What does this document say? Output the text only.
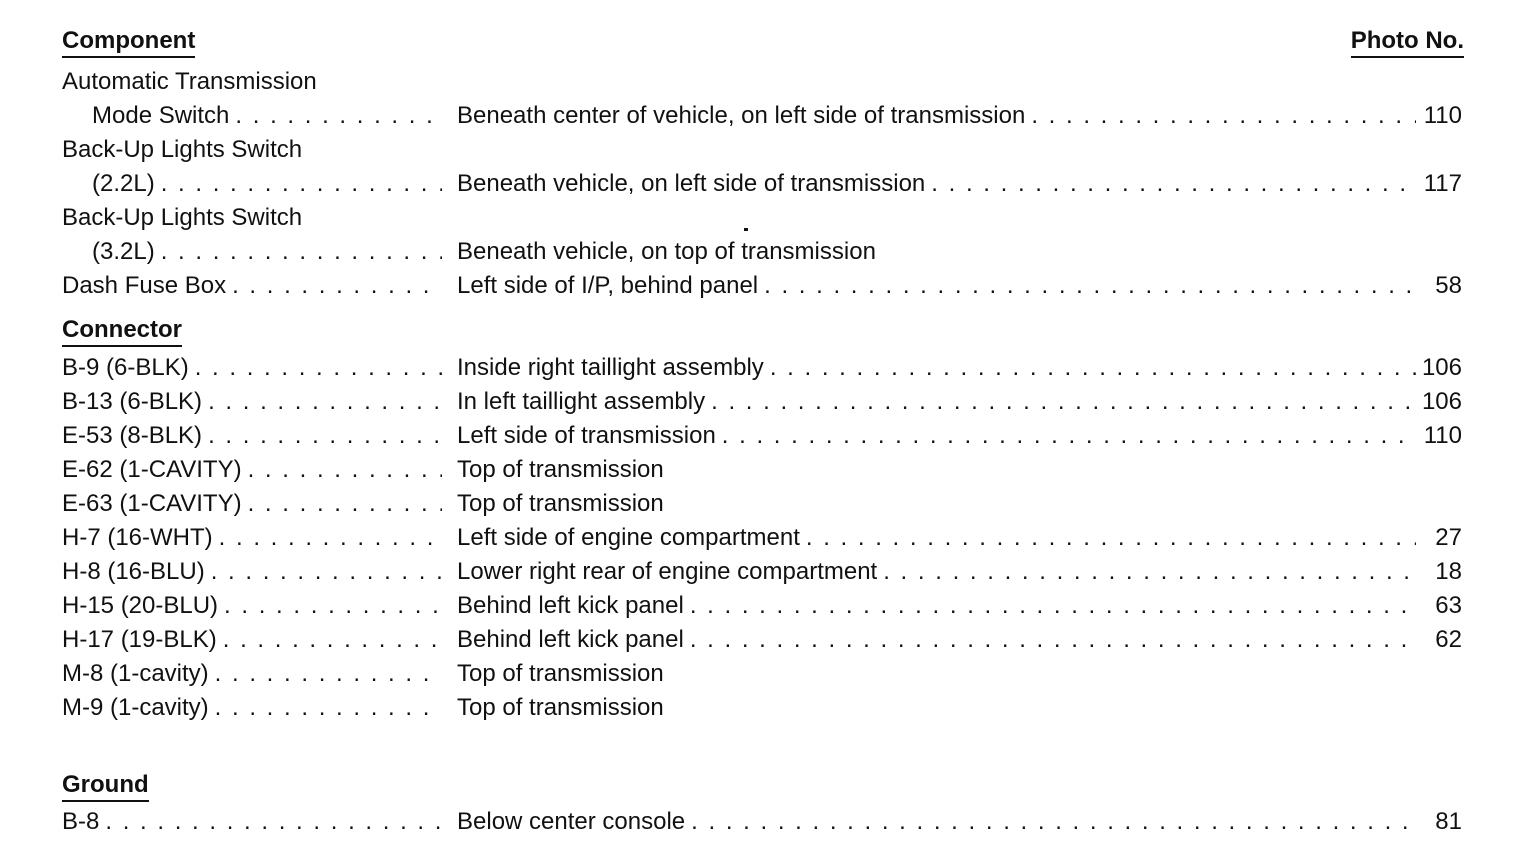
Component	Photo No.
Automatic Transmission
Mode Switch . . .	Beneath center of vehicle, on left side of transmission . . .	110
Back-Up Lights Switch
(2.2L) . . .	Beneath vehicle, on left side of transmission . . .	117
Back-Up Lights Switch
(3.2L) . . .	Beneath vehicle, on top of transmission
Dash Fuse Box . . .	Left side of I/P, behind panel . . .	58
Connector
B-9 (6-BLK) . . .	Inside right taillight assembly . . .	106
B-13 (6-BLK) . . .	In left taillight assembly . . .	106
E-53 (8-BLK) . . .	Left side of transmission . . .	110
E-62 (1-CAVITY) . . .	Top of transmission
E-63 (1-CAVITY) . . .	Top of transmission
H-7 (16-WHT) . . .	Left side of engine compartment . . .	27
H-8 (16-BLU) . . .	Lower right rear of engine compartment . . .	18
H-15 (20-BLU) . . .	Behind left kick panel . . .	63
H-17 (19-BLK) . . .	Behind left kick panel . . .	62
M-8 (1-cavity) . . .	Top of transmission
M-9 (1-cavity) . . .	Top of transmission
Ground
B-8 . . .	Below center console . . .	81
